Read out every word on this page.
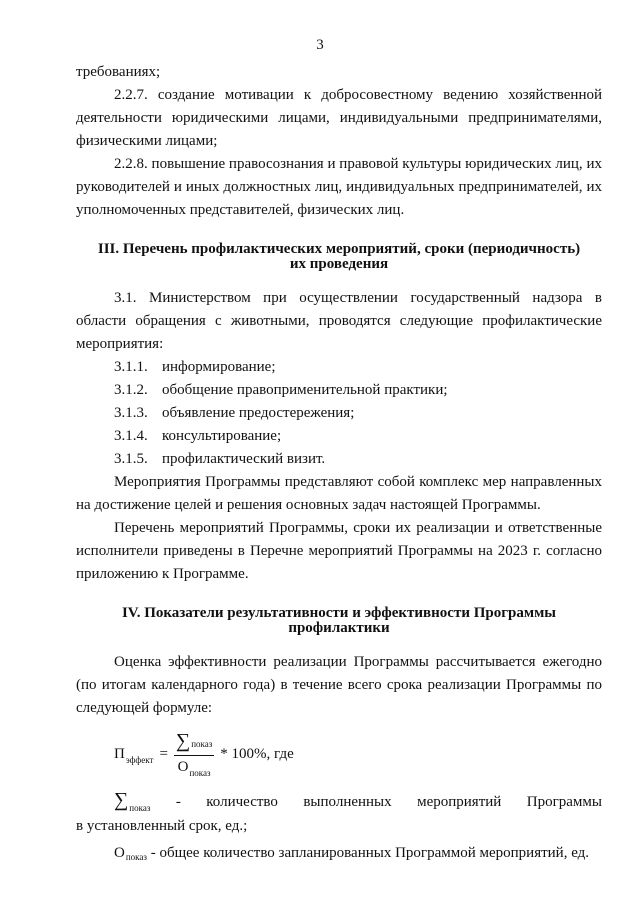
3

требованиях;

2.2.7. создание мотивации к добросовестному ведению хозяйственной деятельности юридическими лицами, индивидуальными предпринимателями, физическими лицами;

2.2.8. повышение правосознания и правовой культуры юридических лиц, их руководителей и иных должностных лиц, индивидуальных предпринимателей, их уполномоченных представителей, физических лиц.

III. Перечень профилактических мероприятий, сроки (периодичность)
их проведения

3.1. Министерством при осуществлении государственный надзора в области обращения с животными, проводятся следующие профилактические мероприятия:

3.1.1. информирование;
3.1.2. обобщение правоприменительной практики;
3.1.3. объявление предостережения;
3.1.4. консультирование;
3.1.5. профилактический визит.

Мероприятия Программы представляют собой комплекс мер направленных на достижение целей и решения основных задач настоящей Программы.

Перечень мероприятий Программы, сроки их реализации и ответственные исполнители приведены в Перечне мероприятий Программы на 2023 г. согласно приложению к Программе.

IV. Показатели результативности и эффективности Программы
профилактики

Оценка эффективности реализации Программы рассчитывается ежегодно (по итогам календарного года) в течение всего срока реализации Программы по следующей формуле:

П эффект = $\frac{\text{∑ показ}}{\text{О показ}} * 100\%$, где
∑ показ - количество выполненных мероприятий Программы

в установленный срок, ед.;

$О_{показ}$ - общее количество запланированных Программой мероприятий, ед.
